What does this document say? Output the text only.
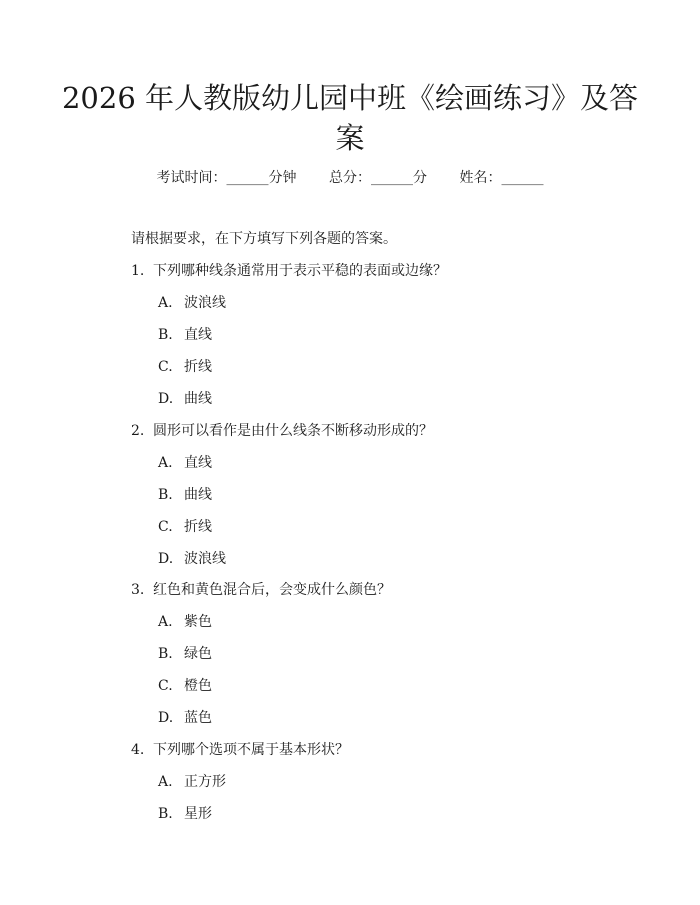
2026 年人教版幼儿园中班《绘画练习》及答
案
考试时间：______分钟 总分：______分 姓名：______
请根据要求，在下方填写下列各题的答案。
1. 下列哪种线条通常用于表示平稳的表面或边缘？
A. 波浪线
B. 直线
C. 折线
D. 曲线
2. 圆形可以看作是由什么线条不断移动形成的？
A. 直线
B. 曲线
C. 折线
D. 波浪线
3. 红色和黄色混合后，会变成什么颜色？
A. 紫色
B. 绿色
C. 橙色
D. 蓝色
4. 下列哪个选项不属于基本形状？
A. 正方形
B. 星形
